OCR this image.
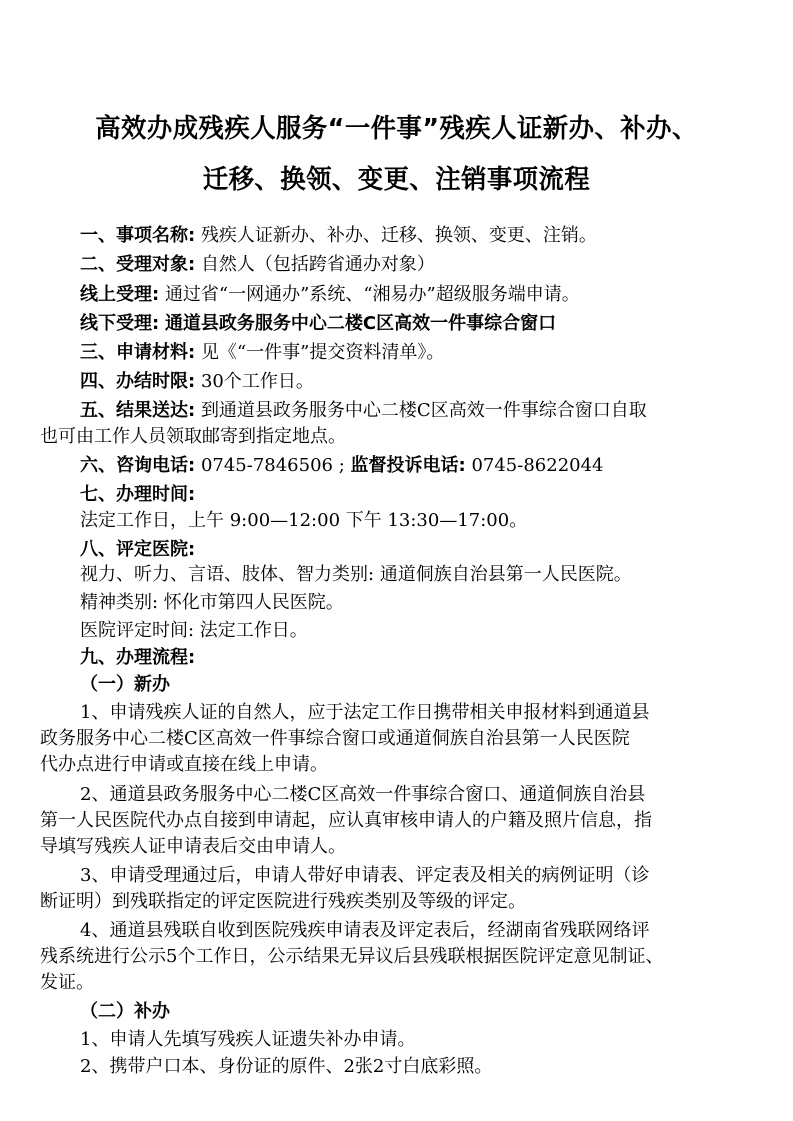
高效办成残疾人服务“一件事”残疾人证新办、补办、
迁移、换领、变更、注销事项流程
一、事项名称: 残疾人证新办、补办、迁移、换领、变更、注销。
二、受理对象: 自然人（包括跨省通办对象）
线上受理: 通过省“一网通办”系统、“湘易办”超级服务端申请。
线下受理: 通道县政务服务中心二楼C区高效一件事综合窗口
三、申请材料: 见《“一件事”提交资料清单》。
四、办结时限: 30个工作日。
五、结果送达: 到通道县政务服务中心二楼C区高效一件事综合窗口自取
也可由工作人员领取邮寄到指定地点。
六、咨询电话: 0745-7846506 ; 监督投诉电话: 0745-8622044
七、办理时间:
法定工作日，上午 9:00—12:00 下午 13:30—17:00。
八、评定医院:
视力、听力、言语、肢体、智力类别: 通道侗族自治县第一人民医院。
精神类别: 怀化市第四人民医院。
医院评定时间: 法定工作日。
九、办理流程:
（一）新办
1、申请残疾人证的自然人，应于法定工作日携带相关申报材料到通道县
政务服务中心二楼C区高效一件事综合窗口或通道侗族自治县第一人民医院
代办点进行申请或直接在线上申请。
2、通道县政务服务中心二楼C区高效一件事综合窗口、通道侗族自治县
第一人民医院代办点自接到申请起，应认真审核申请人的户籍及照片信息，指
导填写残疾人证申请表后交由申请人。
3、申请受理通过后，申请人带好申请表、评定表及相关的病例证明（诊
断证明）到残联指定的评定医院进行残疾类别及等级的评定。
4、通道县残联自收到医院残疾申请表及评定表后，经湖南省残联网络评
残系统进行公示5个工作日，公示结果无异议后县残联根据医院评定意见制证、
发证。
（二）补办
1、申请人先填写残疾人证遗失补办申请。
2、携带户口本、身份证的原件、2张2寸白底彩照。
